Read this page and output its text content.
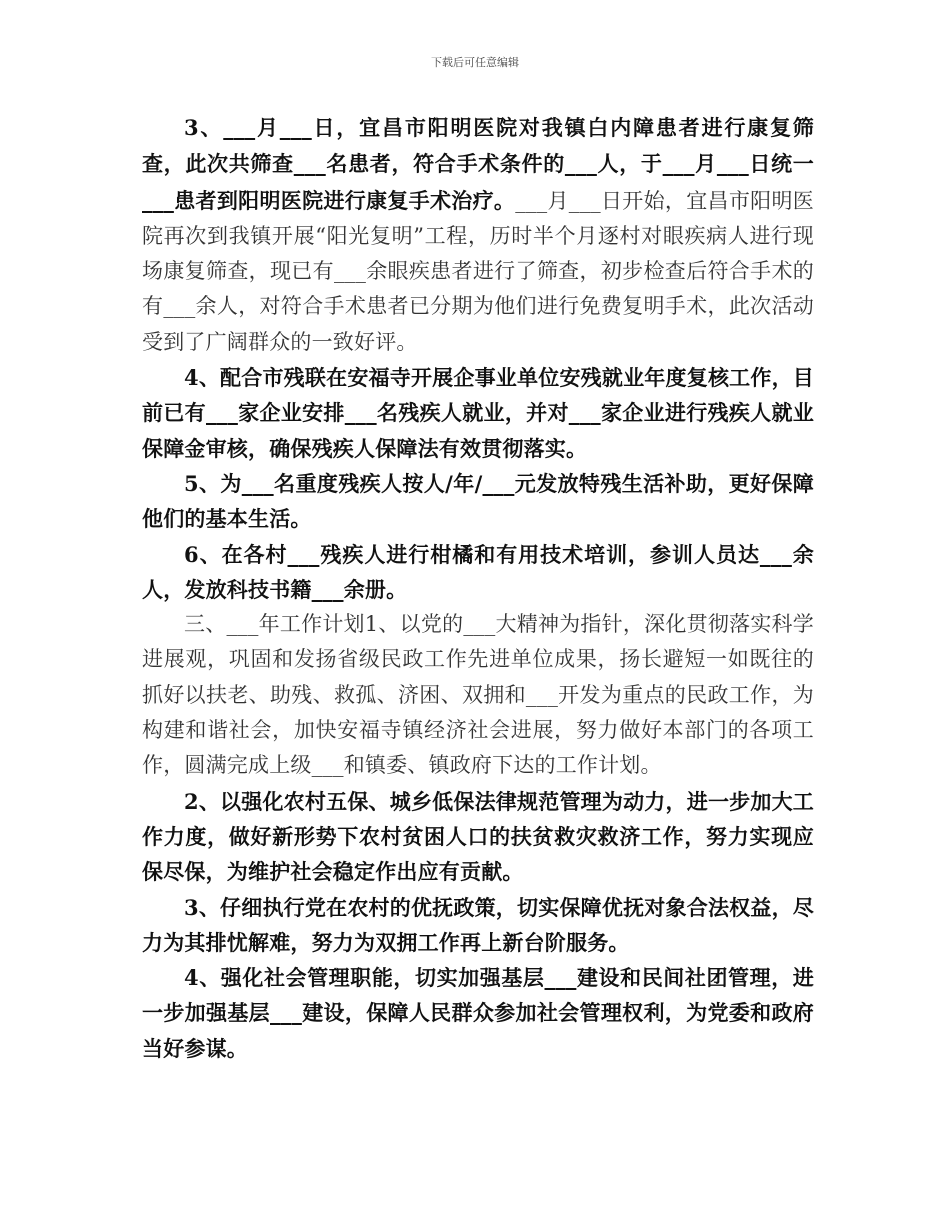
下载后可任意编辑

3、___月___日，宜昌市阳明医院对我镇白内障患者进行康复筛查，此次共筛查___名患者，符合手术条件的___人，于___月___日统一___患者到阳明医院进行康复手术治疗。___月___日开始，宜昌市阳明医院再次到我镇开展“阳光复明”工程，历时半个月逐村对眼疾病人进行现场康复筛查，现已有___余眼疾患者进行了筛查，初步检查后符合手术的有___余人，对符合手术患者已分期为他们进行免费复明手术，此次活动受到了广阔群众的一致好评。

4、配合市残联在安福寺开展企事业单位安残就业年度复核工作，目前已有___家企业安排___名残疾人就业，并对___家企业进行残疾人就业保障金审核，确保残疾人保障法有效贯彻落实。

5、为___名重度残疾人按人/年/___元发放特残生活补助，更好保障他们的基本生活。

6、在各村___残疾人进行柑橘和有用技术培训，参训人员达___余人，发放科技书籍___余册。

三、___年工作计划1、以党的___大精神为指针，深化贯彻落实科学进展观，巩固和发扬省级民政工作先进单位成果，扬长避短一如既往的抓好以扶老、助残、救孤、济困、双拥和___开发为重点的民政工作，为构建和谐社会，加快安福寺镇经济社会进展，努力做好本部门的各项工作，圆满完成上级___和镇委、镇政府下达的工作计划。

2、以强化农村五保、城乡低保法律规范管理为动力，进一步加大工作力度，做好新形势下农村贫困人口的扶贫救灾救济工作，努力实现应保尽保，为维护社会稳定作出应有贡献。

3、仔细执行党在农村的优抚政策，切实保障优抚对象合法权益，尽力为其排忧解难，努力为双拥工作再上新台阶服务。

4、强化社会管理职能，切实加强基层___建设和民间社团管理，进一步加强基层___建设，保障人民群众参加社会管理权利，为党委和政府当好参谋。
